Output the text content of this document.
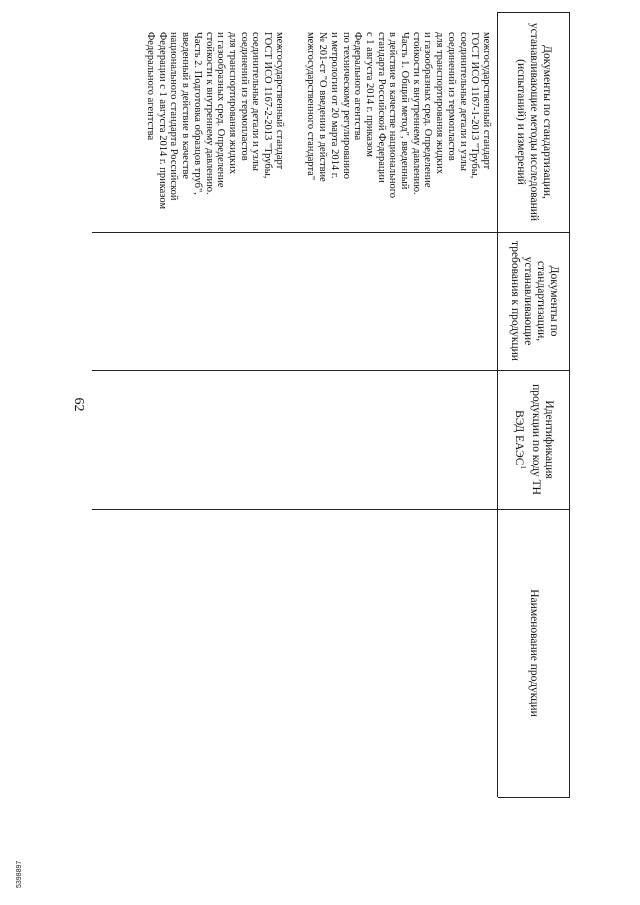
Документы по стандартизации, устанавливающие методы исследований (испытаний) и измерений
Документы по стандартизации, устанавливающие требования к продукции
Идентификация продукции по коду ТН ВЭД ЕАЭС$^1$
Наименование продукции
межгосударственный стандарт
ГОСТ ИСО 1167-1-2013 "Трубы,
соединительные детали и узлы
соединений из термопластов
для транспортирования жидких
и газообразных сред. Определение
стойкости к внутреннему давлению.
Часть 1. Общий метод", введенный
в действие в качестве национального
стандарта Российской Федерации
с 1 августа 2014 г. приказом
Федерального агентства
по техническому регулированию
и метрологии от 20 марта 2014 г.
№ 201-ст "О введении в действие
межгосударственного стандарта"
межгосударственный стандарт
ГОСТ ИСО 1167-2-2013 "Трубы,
соединительные детали и узлы
соединений из термопластов
для транспортирования жидких
и газообразных сред. Определение
стойкости к внутреннему давлению.
Часть 2. Подготовка образцов труб",
введенный в действие в качестве
национального стандарта Российской
Федерации с 1 августа 2014 г. приказом
Федерального агентства
62
5398897
